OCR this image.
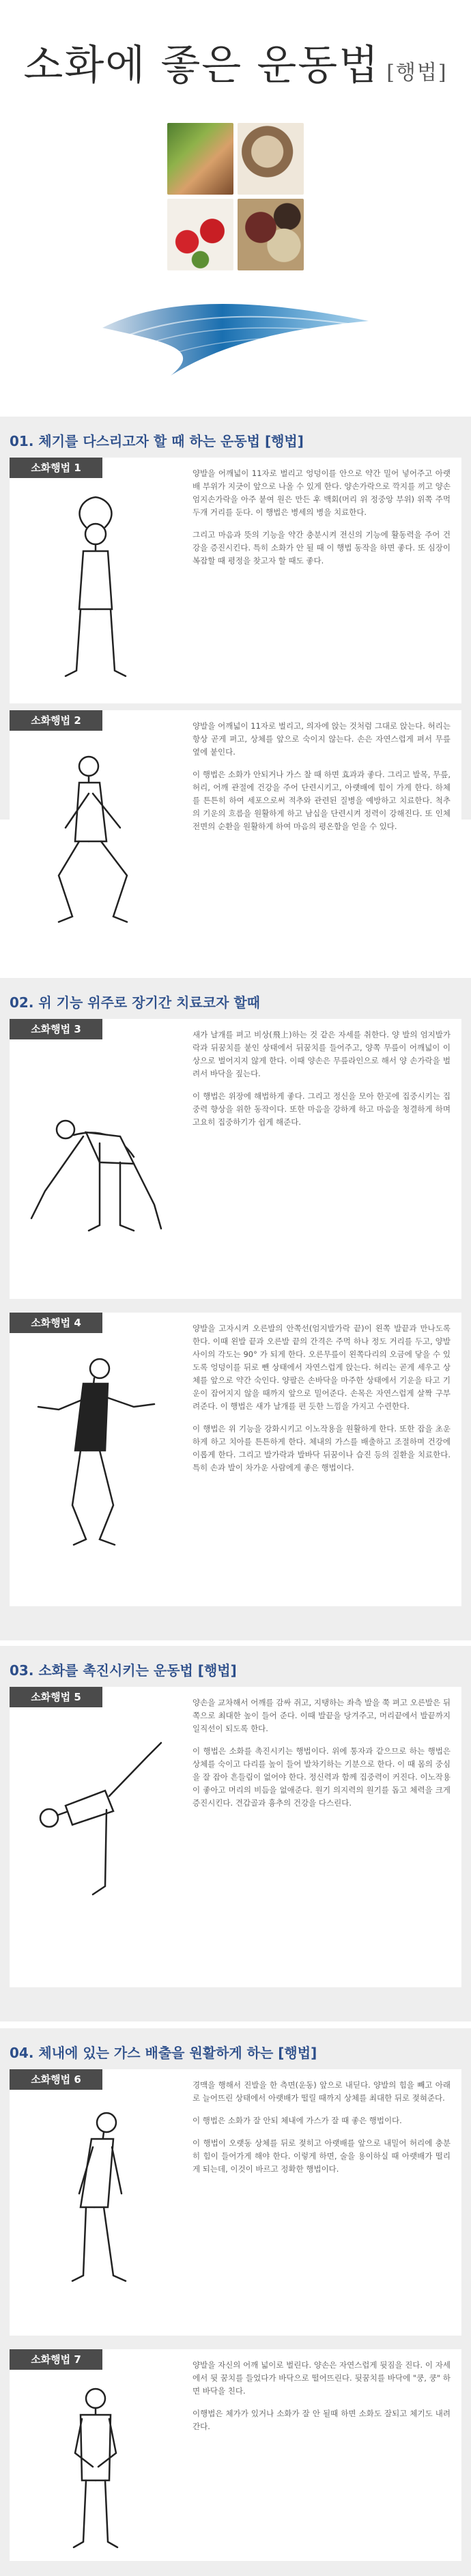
소화에 좋은 운동법 [행법]
01. 체기를 다스리고자 할 때 하는 운동법 [행법]
소화행법 1	양발을 어깨넓이 11자로 벌리고 엉덩이를 안으로 약간 밀어 넣어주고 아랫배 부위가 지긋이 앞으로 나올 수 있게 한다. 양손가락으로 깍지를 끼고 양손 엄지손가락을 아주 붙여 원은 만든 후 백회(머리 위 정중앙 부위) 위쪽 주먹 두개 거리를 둔다. 이 행법은 병세의 병을 치료한다.

그리고 마음과 뜻의 기능을 약간 충분시켜 전신의 기능에 활동력을 주어 건강을 증진시킨다. 특히 소화가 안 될 때 이 행법 동작을 하면 좋다. 또 심장이 복잡할 때 평정을 찾고자 할 때도 좋다.

소화행법 2	양발을 어깨넓이 11자로 벌리고, 의자에 앉는 것처럼 그대로 앉는다. 허리는 항상 곧게 펴고, 상체를 앞으로 숙이지 않는다. 손은 자연스럽게 펴서 무릎 옆에 붙인다.

이 행법은 소화가 안되거나 가스 찰 때 하면 효과과 좋다. 그리고 발목, 무릎, 허리, 어깨 관절에 건강을 주어 단련시키고, 아랫배에 힘이 가게 한다. 하체를 튼튼히 하여 세포으로써 적추와 관련된 질병을 예방하고 치료한다. 척추의 기운의 흐름을 원활하게 하고 남십을 단련시켜 정력이 강해진다. 또 인체전면의 순환을 원활하게 하여 마음의 평온함을 얻을 수 있다.

02. 위 기능 위주로 장기간 치료코자 할때
소화행법 3	새가 날개를 펴고 비상(飛上)하는 것 같은 자세를 취한다. 양 발의 엄지발가락과 뒤꿈치를 붙인 상태에서 뒤꿈치를 들어주고, 양쪽 무릎이 어깨넓이 이상으로 벌어지지 않게 한다. 이때 양손은 무릎라인으로 해서 양 손가락을 벌려서 바닥을 짚는다.

이 행법은 위장에 해법하게 좋다. 그리고 정신을 모아 한곳에 집중시키는 집중력 향상을 위한 동작이다. 또한 마음을 강하게 하고 마음을 청결하게 하며 고요히 집중하기가 쉽게 해준다.

소화행법 4	양발을 고자시켜 오른발의 안쪽선(엄지발가락 끝)이 왼쪽 발끝과 만나도록 한다. 이때 왼발 끝과 오른발 끝의 간격은 주먹 하나 정도 거리를 두고, 양발 사이의 각도는 90° 가 되게 한다. 오른무릎이 왼쪽다리의 오금에 닿을 수 있도록 엉덩이를 뒤로 뺀 상태에서 자연스럽게 앉는다. 허리는 곧게 세우고 상체를 앞으로 약간 숙인다. 양팔은 손바닥을 마주한 상태에서 기운을 타고 기운이 잡어지지 않을 때까지 앞으로 밀어준다. 손목은 자연스럽게 살짝 구부려준다. 이 행법은 새가 날개를 편 듯한 느낌을 가지고 수련한다.

이 행법은 위 기능을 강화시키고 이노작용을 원활하게 한다. 또한 잡을 초운하게 하고 치아를 튼튼하게 한다. 체내의 가스를 배출하고 조절하며 건강에 이롭게 한다. 그리고 발가락과 발바닥 뒤꿈이나 습진 등의 질환을 치료한다. 특히 손과 발이 차가운 사람에게 좋은 행법이다.

03. 소화를 촉진시키는 운동법 [행법]
소화행법 5	양손을 교차해서 어깨를 감싸 쥐고, 지탱하는 좌측 발을 쭉 펴고 오른발은 뒤쪽으로 최대한 높이 들어 준다. 이때 발끝을 당겨주고, 머리끝에서 발끝까지 일직선이 되도록 한다.

이 행법은 소화를 촉진시키는 행법이다. 위에 통자과 같으므로 하는 행법은 상체를 숙이고 다리를 높이 들어 발차기하는 기분으로 한다. 이 때 몸의 중심을 잘 잡아 흔들림이 없어야 한다. 정신력과 함께 집중력이 커진다. 이노작용이 좋아고 머리의 비듬을 없애준다. 원기 의지력의 원기를 돕고 체력을 크게 증진시킨다. 견갑골과 흉추의 건강을 다스린다.

04. 체내에 있는 가스 배출을 원활하게 하는 [행법]
소화행법 6	경맥을 행해서 진발을 한 측면(운동) 앞으로 내딛다. 양발의 힘을 빼고 아래로 늘어뜨린 상태에서 아랫배가 떨릴 때까지 상체를 최대한 뒤로 젖혀준다.

이 행법은 소화가 잘 안되 체내에 가스가 잘 때 좋은 행법이다.

이 행법이 오랫동 상체를 뒤로 젖히고 아랫배를 앞으로 내밀어 허리에 충분히 힘이 들어가게 해야 한다. 이렇게 하면, 술을 용이하실 때 아랫배가 떨리게 되는데, 이것이 바르고 정확한 행법이다.

소화행법 7	양발을 자신의 어깨 넓이로 벌린다. 양손은 자연스럽게 뒷짐을 진다. 이 자세에서 뒷 꿈치를 들었다가 바닥으로 떨어뜨린다. 뒷꿈치를 바닥에 "쿵, 쿵" 하면 바닥을 친다.

이행법은 체가가 있거나 소화가 잘 안 될때 하면 소화도 잘되고 체기도 내려간다.
